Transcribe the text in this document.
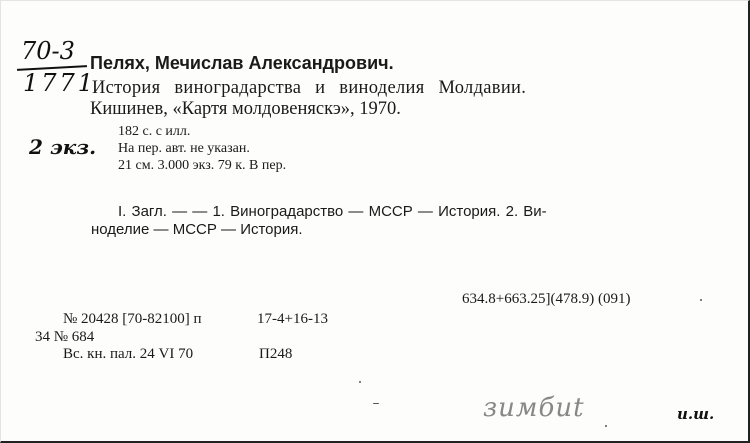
70-3
1771
2 экз.
Пелях, Мечислав Александрович.
История виноградарства и виноделия Молдавии.
Кишинев, «Картя молдовеняскэ», 1970.
182 с. с илл.
На пер. авт. не указан.
21 см. 3.000 экз. 79 к. В пер.
I. Загл. — — 1. Виноградарство — МССР — История. 2. Ви-
ноделие — МССР — История.
634.8+663.25](478.9) (091)
№ 20428 [70-82100] п	17-4+16-13
34 № 684
Вс. кн. пал. 24 VI 70	П248
зимбиt	и.ш.
